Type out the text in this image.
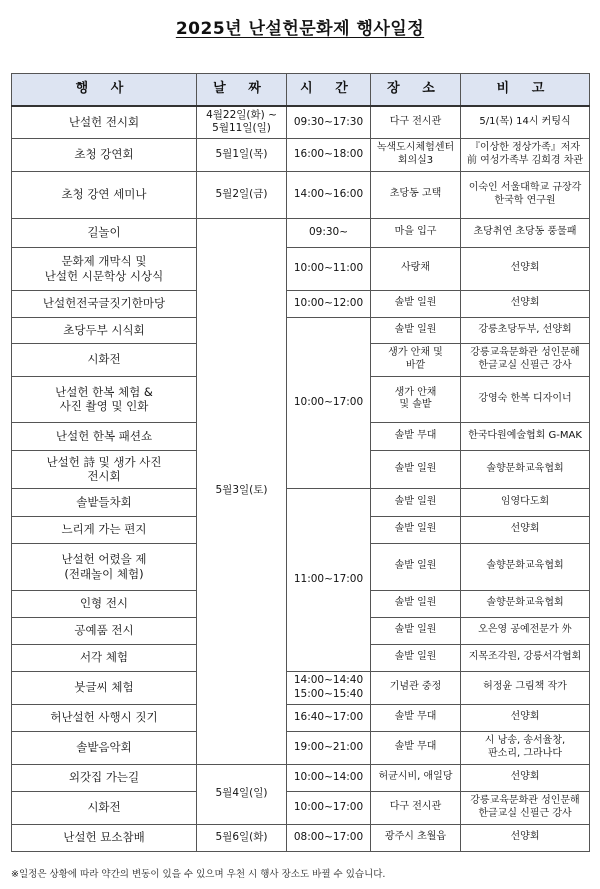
2025년 난설헌문화제 행사일정
행 사	날 짜	시 간	장 소	비 고

난설헌 전시회	4월22일(화) ~
5월11일(일)	09:30~17:30	다구 전시관	5/1(목) 14시 커팅식

초청 강연회	5월1일(목)	16:00~18:00	녹색도시체험센터
회의실3	『이상한 정상가족』저자
前 여성가족부 김희경 차관

초청 강연 세미나	5월2일(금)	14:00~16:00	초당동 고택	이숙인 서울대학교 규장각
한국학 연구원

길놀이	5월3일(토)	09:30~	마을 입구	초당취연 초당동 풍물패

문화제 개막식 및
난설헌 시문학상 시상식		10:00~11:00	사랑채	선양회

난설헌전국글짓기한마당		10:00~12:00	솔밭 일원	선양회

초당두부 시식회		10:00~17:00	솔밭 일원	강릉초당두부, 선양회

시화전			생가 안채 및
바깥	강릉교육문화관 성인문해
한글교실 신필근 강사

난설헌 한복 체험 &
사진 촬영 및 인화			생가 안채
및 솔밭	강영숙 한복 디자이너

난설헌 한복 패션쇼			솔밭 무대	한국다원예술협회 G-MAK

난설헌 詩 및 생가 사진
전시회			솔밭 일원	솔향문화교육협회

솔밭들차회		11:00~17:00	솔밭 일원	임영다도회

느리게 가는 편지			솔밭 일원	선양회

난설헌 어렸을 제
(전래놀이 체험)			솔밭 일원	솔향문화교육협회

인형 전시			솔밭 일원	솔향문화교육협회

공예품 전시			솔밭 일원	오은영 공예전문가 外

서각 체험			솔밭 일원	지목조각원, 강릉서각협회

붓글씨 체험		14:00~14:40
15:00~15:40	기념관 중정	허정윤 그림책 작가

허난설헌 사행시 짓기		16:40~17:00	솔밭 무대	선양회

솔밭음악회		19:00~21:00	솔밭 무대	시 낭송, 송서율창,
판소리, 그라나다

외갓집 가는길	5월4일(일)	10:00~14:00	허균시비, 애일당	선양회

시화전		10:00~17:00	다구 전시관	강릉교육문화관 성인문해
한글교실 신필근 강사

난설헌 묘소참배	5월6일(화)	08:00~17:00	광주시 초월읍	선양회
※일정은 상황에 따라 약간의 변동이 있을 수 있으며 우천 시 행사 장소도 바뀔 수 있습니다.
